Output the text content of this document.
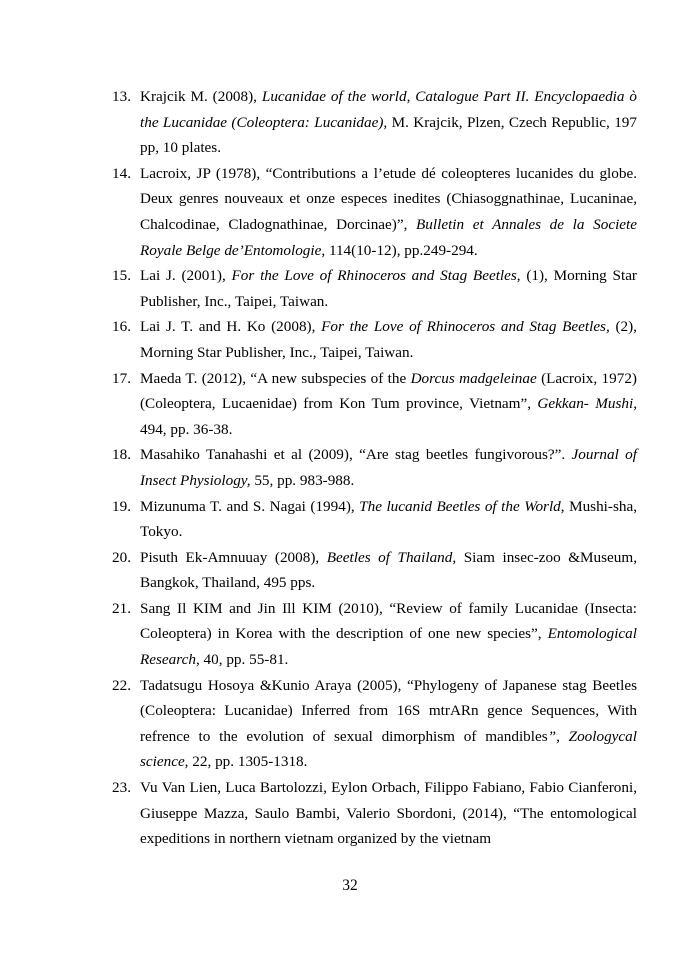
13. Krajcik M. (2008), Lucanidae of the world, Catalogue Part II. Encyclopaedia ò the Lucanidae (Coleoptera: Lucanidae), M. Krajcik, Plzen, Czech Republic, 197 pp, 10 plates.
14. Lacroix, JP (1978), “Contributions a l’etude dé coleopteres lucanides du globe. Deux genres nouveaux et onze especes inedites (Chiasoggnathinae, Lucaninae, Chalcodinae, Cladognathinae, Dorcinae)”, Bulletin et Annales de la Societe Royale Belge de’Entomologie, 114(10-12), pp.249-294.
15. Lai J. (2001), For the Love of Rhinoceros and Stag Beetles, (1), Morning Star Publisher, Inc., Taipei, Taiwan.
16. Lai J. T. and H. Ko (2008), For the Love of Rhinoceros and Stag Beetles, (2), Morning Star Publisher, Inc., Taipei, Taiwan.
17. Maeda T. (2012), “A new subspecies of the Dorcus madgeleinae (Lacroix, 1972) (Coleoptera, Lucaenidae) from Kon Tum province, Vietnam”, Gekkan- Mushi, 494, pp. 36-38.
18. Masahiko Tanahashi et al (2009), “Are stag beetles fungivorous?”. Journal of Insect Physiology, 55, pp. 983-988.
19. Mizunuma T. and S. Nagai (1994), The lucanid Beetles of the World, Mushi-sha, Tokyo.
20. Pisuth Ek-Amnuuay (2008), Beetles of Thailand, Siam insec-zoo &Museum, Bangkok, Thailand, 495 pps.
21. Sang Il KIM and Jin Ill KIM (2010), “Review of family Lucanidae (Insecta: Coleoptera) in Korea with the description of one new species”, Entomological Research, 40, pp. 55-81.
22. Tadatsugu Hosoya &Kunio Araya (2005), “Phylogeny of Japanese stag Beetles (Coleoptera: Lucanidae) Inferred from 16S mtrARn gence Sequences, With refrence to the evolution of sexual dimorphism of mandibles”, Zoologycal science, 22, pp. 1305-1318.
23. Vu Van Lien, Luca Bartolozzi, Eylon Orbach, Filippo Fabiano, Fabio Cianferoni, Giuseppe Mazza, Saulo Bambi, Valerio Sbordoni, (2014), “The entomological expeditions in northern vietnam organized by the vietnam
32
